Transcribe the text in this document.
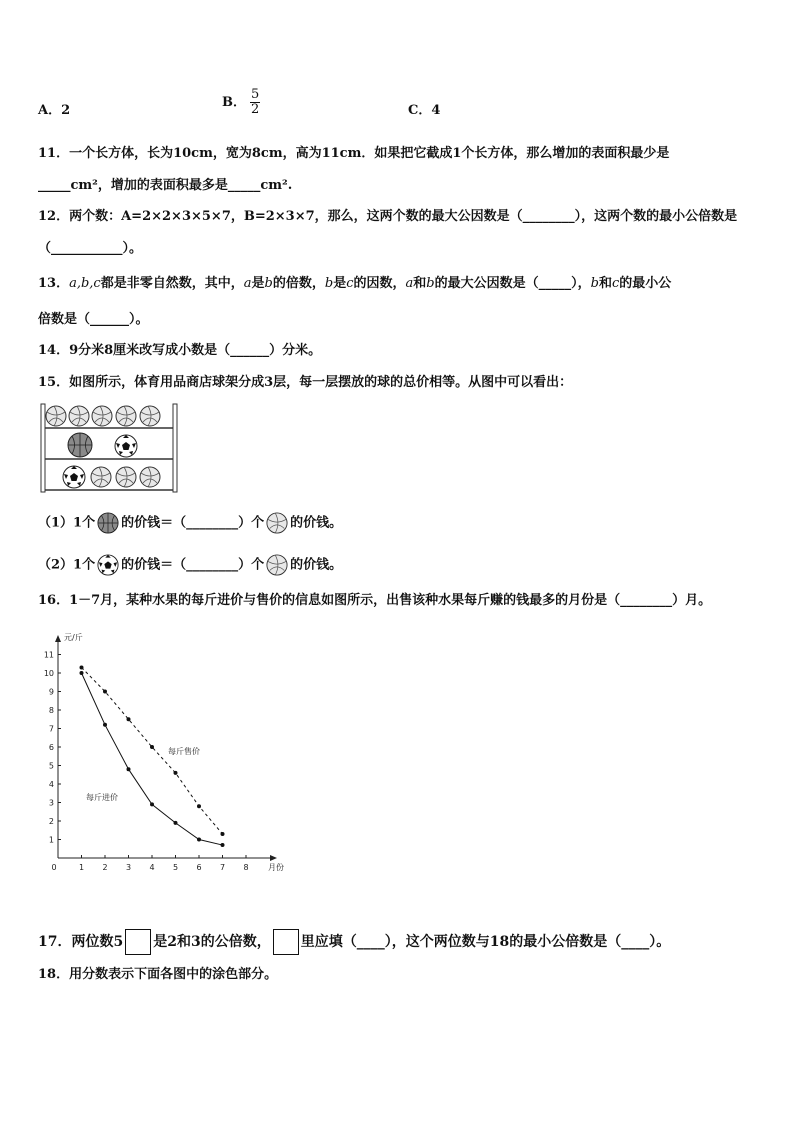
A．2
B． $\frac{5}{2}$	C．4
11．一个长方体，长为10cm，宽为8cm，高为11cm．如果把它截成1个长方体，那么增加的表面积最少是
_____cm²，增加的表面积最多是_____cm².
12．两个数：A=2×2×3×5×7，B=2×3×7，那么，这两个数的最大公因数是（________），这两个数的最小公倍数是
（___________）。
13．a,b,c都是非零自然数，其中，a是b的倍数，b是c的因数，a和b的最大公因数是（_____），b和c的最小公
倍数是（______）。
14．9分米8厘米改写成小数是（______）分米。
15．如图所示，体育用品商店球架分成3层，每一层摆放的球的总价相等。从图中可以看出：
（1）1个 的价钱＝（________）个 的价钱。
（2）1个 的价钱＝（________）个 的价钱。
16．1－7月，某种水果的每斤进价与售价的信息如图所示，出售该种水果每斤赚的钱最多的月份是（________）月。
0	1 2 3 4 5 6 7 8
1
2
3
4
5
6
7
8
9
10
11
元/斤
月份
每斤售价
每斤进价
17．两位数5 是2和3的公倍数， 里应填（____），这个两位数与18的最小公倍数是（____）。
18．用分数表示下面各图中的涂色部分。
